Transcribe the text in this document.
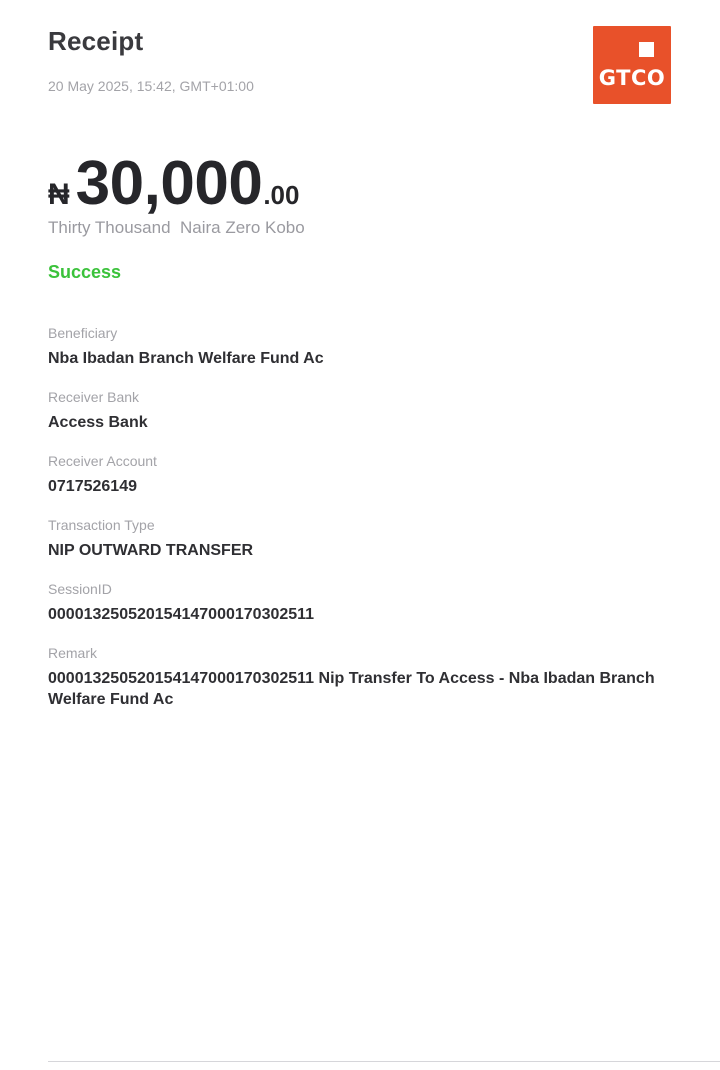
Receipt
20 May 2025, 15:42, GMT+01:00	GTCO
₦ 30,000 .00
Thirty Thousand  Naira Zero Kobo
Success
Beneficiary
Nba Ibadan Branch Welfare Fund Ac
Receiver Bank
Access Bank
Receiver Account
0717526149
Transaction Type
NIP OUTWARD TRANSFER
SessionID
000013250520154147000170302511
Remark
000013250520154147000170302511 Nip Transfer To Access - Nba Ibadan Branch Welfare Fund Ac
